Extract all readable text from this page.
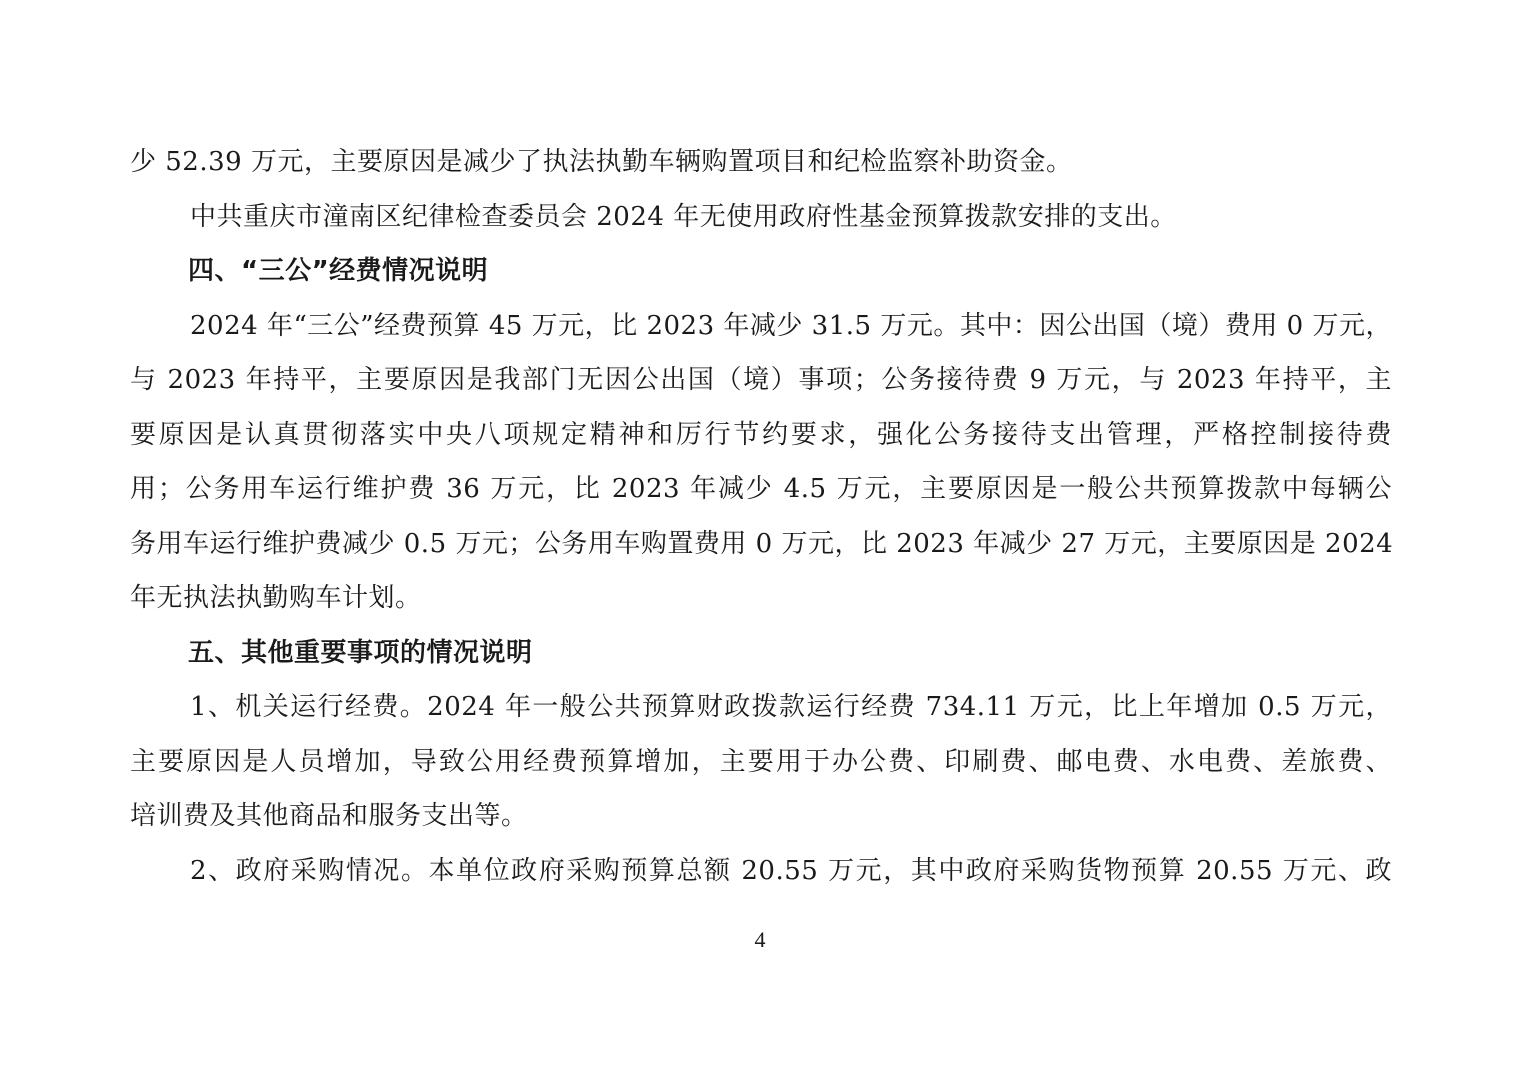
少 52.39 万元，主要原因是减少了执法执勤车辆购置项目和纪检监察补助资金。
中共重庆市潼南区纪律检查委员会 2024 年无使用政府性基金预算拨款安排的支出。
四、“三公”经费情况说明
2024 年“三公”经费预算 45 万元，比 2023 年减少 31.5 万元。其中：因公出国（境）费用 0 万元，
与 2023 年持平，主要原因是我部门无因公出国（境）事项；公务接待费 9 万元，与 2023 年持平，主
要原因是认真贯彻落实中央八项规定精神和厉行节约要求，强化公务接待支出管理，严格控制接待费
用；公务用车运行维护费 36 万元，比 2023 年减少 4.5 万元，主要原因是一般公共预算拨款中每辆公
务用车运行维护费减少 0.5 万元；公务用车购置费用 0 万元，比 2023 年减少 27 万元，主要原因是 2024
年无执法执勤购车计划。
五、其他重要事项的情况说明
1、机关运行经费。2024 年一般公共预算财政拨款运行经费 734.11 万元，比上年增加 0.5 万元，
主要原因是人员增加，导致公用经费预算增加，主要用于办公费、印刷费、邮电费、水电费、差旅费、
培训费及其他商品和服务支出等。
2、政府采购情况。本单位政府采购预算总额 20.55 万元，其中政府采购货物预算 20.55 万元、政
4
